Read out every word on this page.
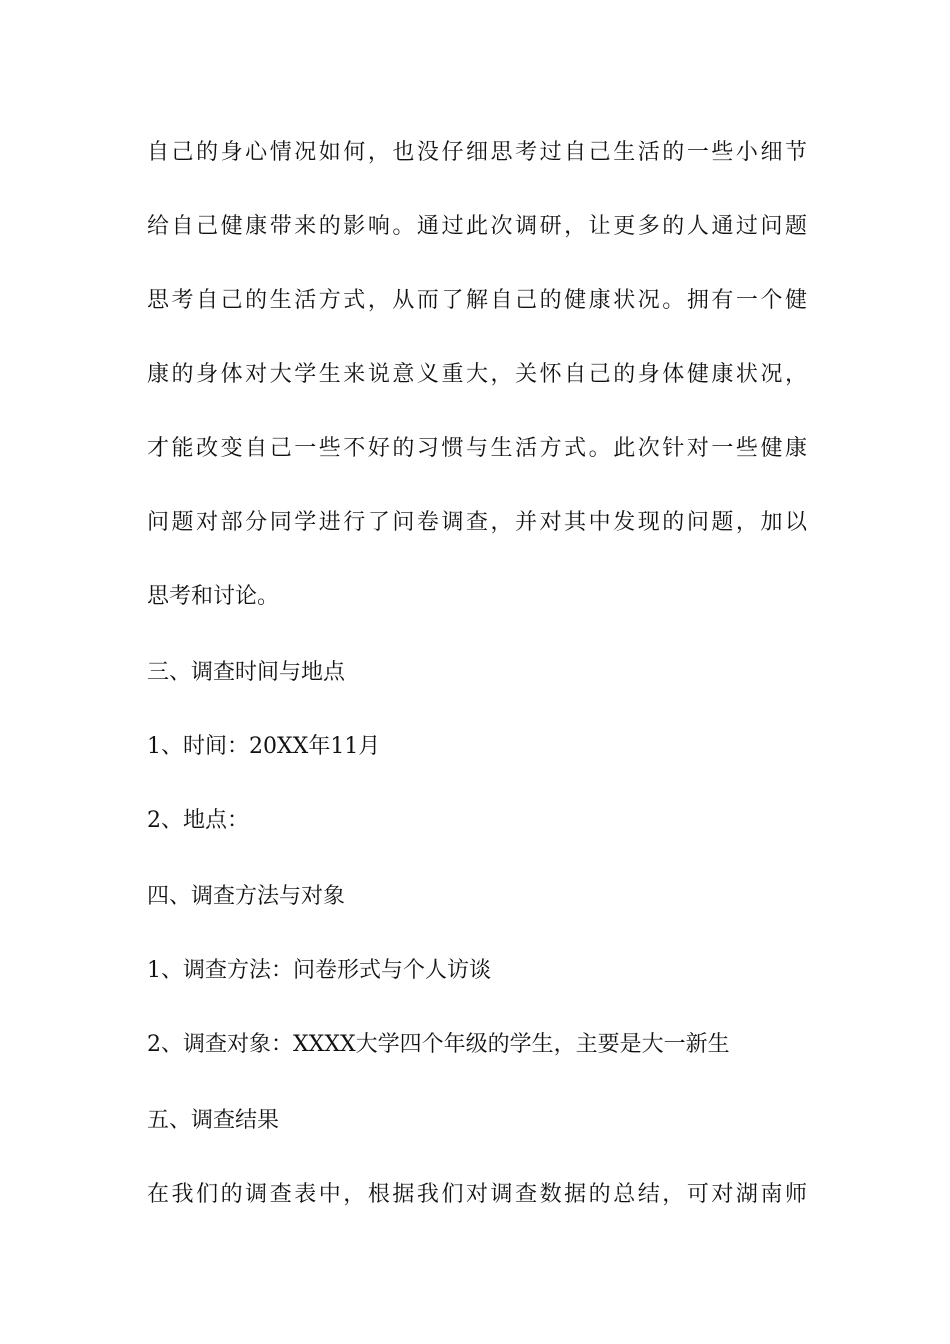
自己的身心情况如何，也没仔细思考过自己生活的一些小细节
给自己健康带来的影响。通过此次调研，让更多的人通过问题
思考自己的生活方式，从而了解自己的健康状况。拥有一个健
康的身体对大学生来说意义重大，关怀自己的身体健康状况，
才能改变自己一些不好的习惯与生活方式。此次针对一些健康
问题对部分同学进行了问卷调查，并对其中发现的问题，加以
思考和讨论。
三、调查时间与地点
1、时间：20XX年11月
2、地点：
四、调查方法与对象
1、调查方法：问卷形式与个人访谈
2、调查对象：XXXX大学四个年级的学生，主要是大一新生
五、调查结果
在我们的调查表中，根据我们对调查数据的总结，可对湖南师
